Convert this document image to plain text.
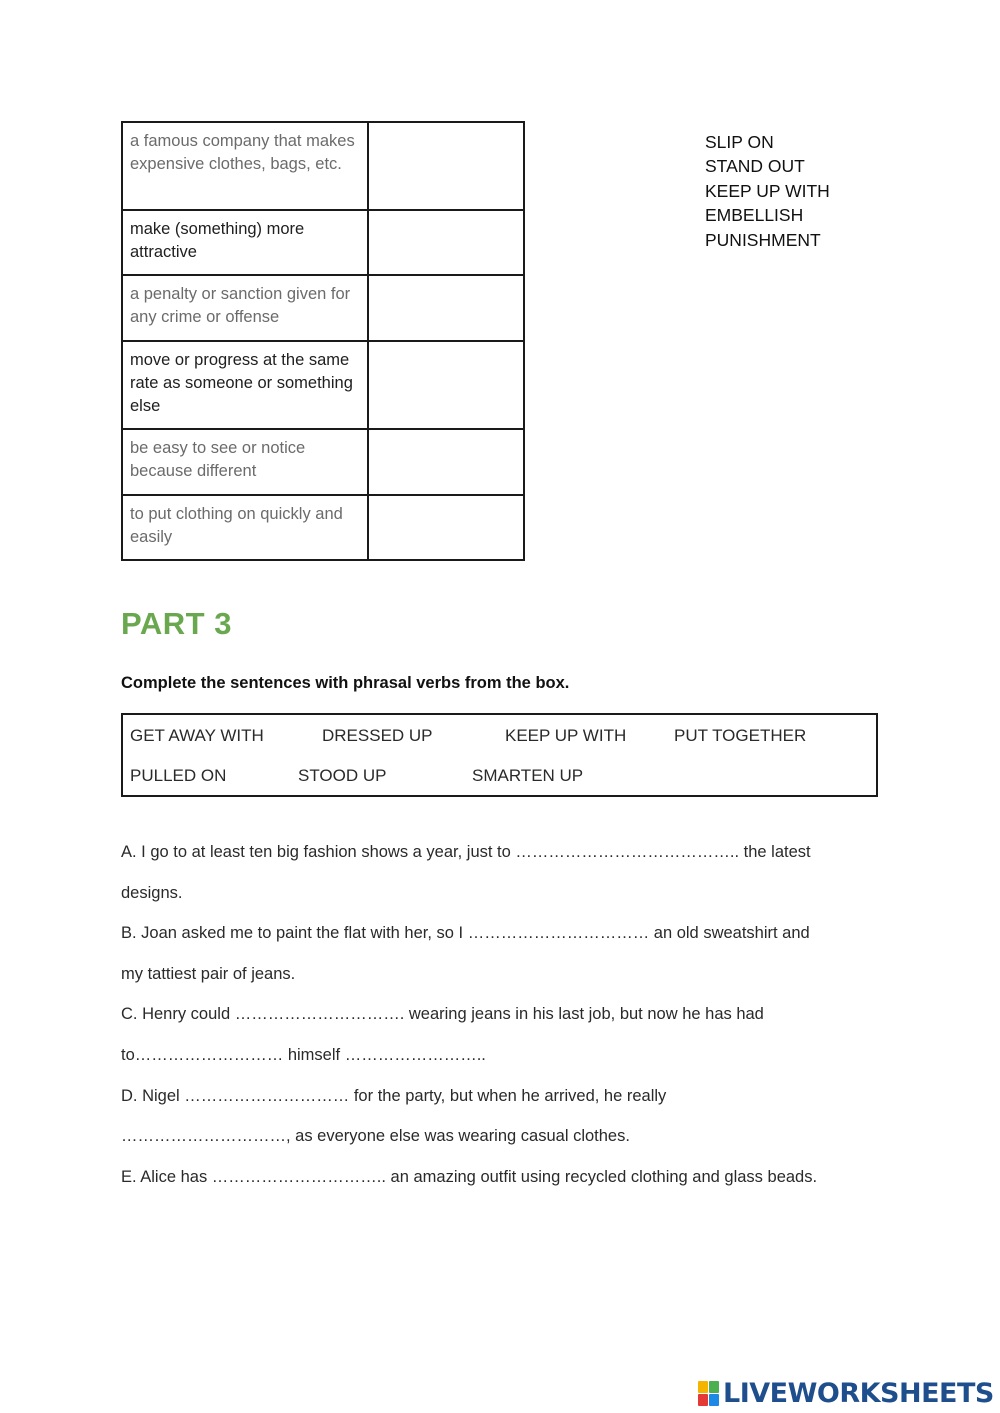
a famous company that makes expensive clothes, bags, etc.	

make (something) more attractive	

a penalty or sanction given for any crime or offense	

move or progress at the same rate as someone or something else	

be easy to see or notice because different	

to put clothing on quickly and easily	
SLIP ON
STAND OUT
KEEP UP WITH
EMBELLISH
PUNISHMENT
PART 3

Complete the sentences with phrasal verbs from the box.

GET AWAY WITH	DRESSED UP	KEEP UP WITH	PUT TOGETHER
PULLED ON	STOOD UP	SMARTEN UP

A. I go to at least ten big fashion shows a year, just to ………………………………….. the latest

designs.

B. Joan asked me to paint the flat with her, so I …………………………… an old sweatshirt and

my tattiest pair of jeans.

C. Henry could …………………………. wearing jeans in his last job, but now he has had

to……………………… himself ……………………..

D. Nigel ………………………… for the party, but when he arrived, he really

…………………………, as everyone else was wearing casual clothes.

E. Alice has ………………………….. an amazing outfit using recycled clothing and glass beads.

LIVEWORKSHEETS
